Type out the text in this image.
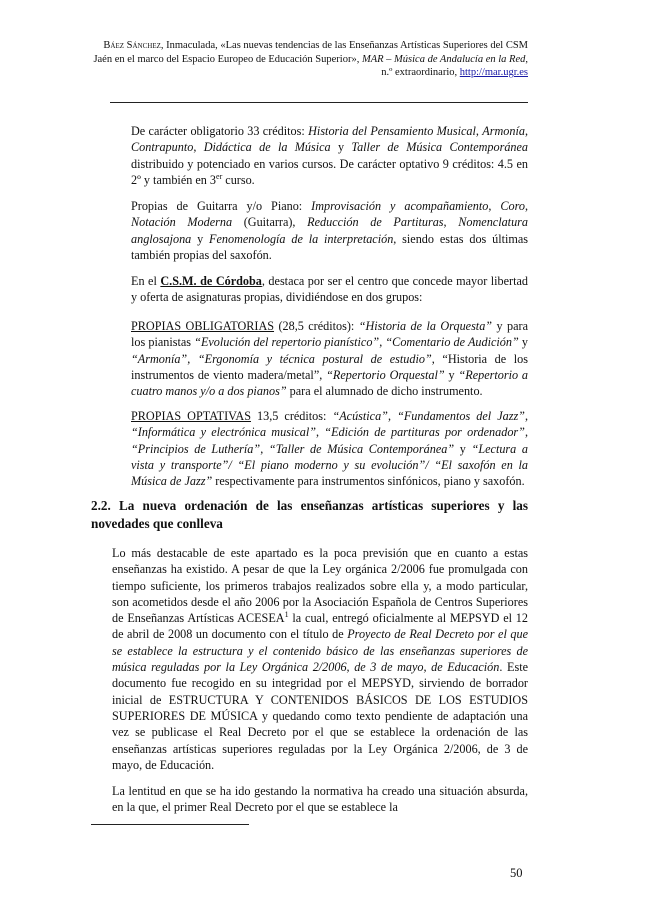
Báez Sánchez, Inmaculada, «Las nuevas tendencias de las Enseñanzas Artísticas Superiores del CSM Jaén en el marco del Espacio Europeo de Educación Superior», MAR – Música de Andalucía en la Red, n.º extraordinario, http://mar.ugr.es
De carácter obligatorio 33 créditos: Historia del Pensamiento Musical, Armonía, Contrapunto, Didáctica de la Música y Taller de Música Contemporánea distribuido y potenciado en varios cursos. De carácter optativo 9 créditos: 4.5 en 2º y también en 3er curso.
Propias de Guitarra y/o Piano: Improvisación y acompañamiento, Coro, Notación Moderna (Guitarra), Reducción de Partituras, Nomenclatura anglosajona y Fenomenología de la interpretación, siendo estas dos últimas también propias del saxofón.
En el C.S.M. de Córdoba, destaca por ser el centro que concede mayor libertad y oferta de asignaturas propias, dividiéndose en dos grupos:
PROPIAS OBLIGATORIAS (28,5 créditos): “Historia de la Orquesta” y para los pianistas “Evolución del repertorio pianístico”, “Comentario de Audición” y “Armonía”, “Ergonomía y técnica postural de estudio”, “Historia de los instrumentos de viento madera/metal”, “Repertorio Orquestal” y “Repertorio a cuatro manos y/o a dos pianos” para el alumnado de dicho instrumento.
PROPIAS OPTATIVAS 13,5 créditos: “Acústica”, “Fundamentos del Jazz”, “Informática y electrónica musical”, “Edición de partituras por ordenador”, “Principios de Luthería”, “Taller de Música Contemporánea” y “Lectura a vista y transporte”/ “El piano moderno y su evolución”/ “El saxofón en la Música de Jazz” respectivamente para instrumentos sinfónicos, piano y saxofón.
2.2. La nueva ordenación de las enseñanzas artísticas superiores y las novedades que conlleva
Lo más destacable de este apartado es la poca previsión que en cuanto a estas enseñanzas ha existido. A pesar de que la Ley orgánica 2/2006 fue promulgada con tiempo suficiente, los primeros trabajos realizados sobre ella y, a modo particular, son acometidos desde el año 2006 por la Asociación Española de Centros Superiores de Enseñanzas Artísticas ACESEA$^1$ la cual, entregó oficialmente al MEPSYD el 12 de abril de 2008 un documento con el título de Proyecto de Real Decreto por el que se establece la estructura y el contenido básico de las enseñanzas superiores de música reguladas por la Ley Orgánica 2/2006, de 3 de mayo, de Educación. Este documento fue recogido en su integridad por el MEPSYD, sirviendo de borrador inicial de ESTRUCTURA Y CONTENIDOS BÁSICOS DE LOS ESTUDIOS SUPERIORES DE MÚSICA y quedando como texto pendiente de adaptación una vez se publicase el Real Decreto por el que se establece la ordenación de las enseñanzas artísticas superiores reguladas por la Ley Orgánica 2/2006, de 3 de mayo, de Educación.
La lentitud en que se ha ido gestando la normativa ha creado una situación absurda, en la que, el primer Real Decreto por el que se establece la
50
